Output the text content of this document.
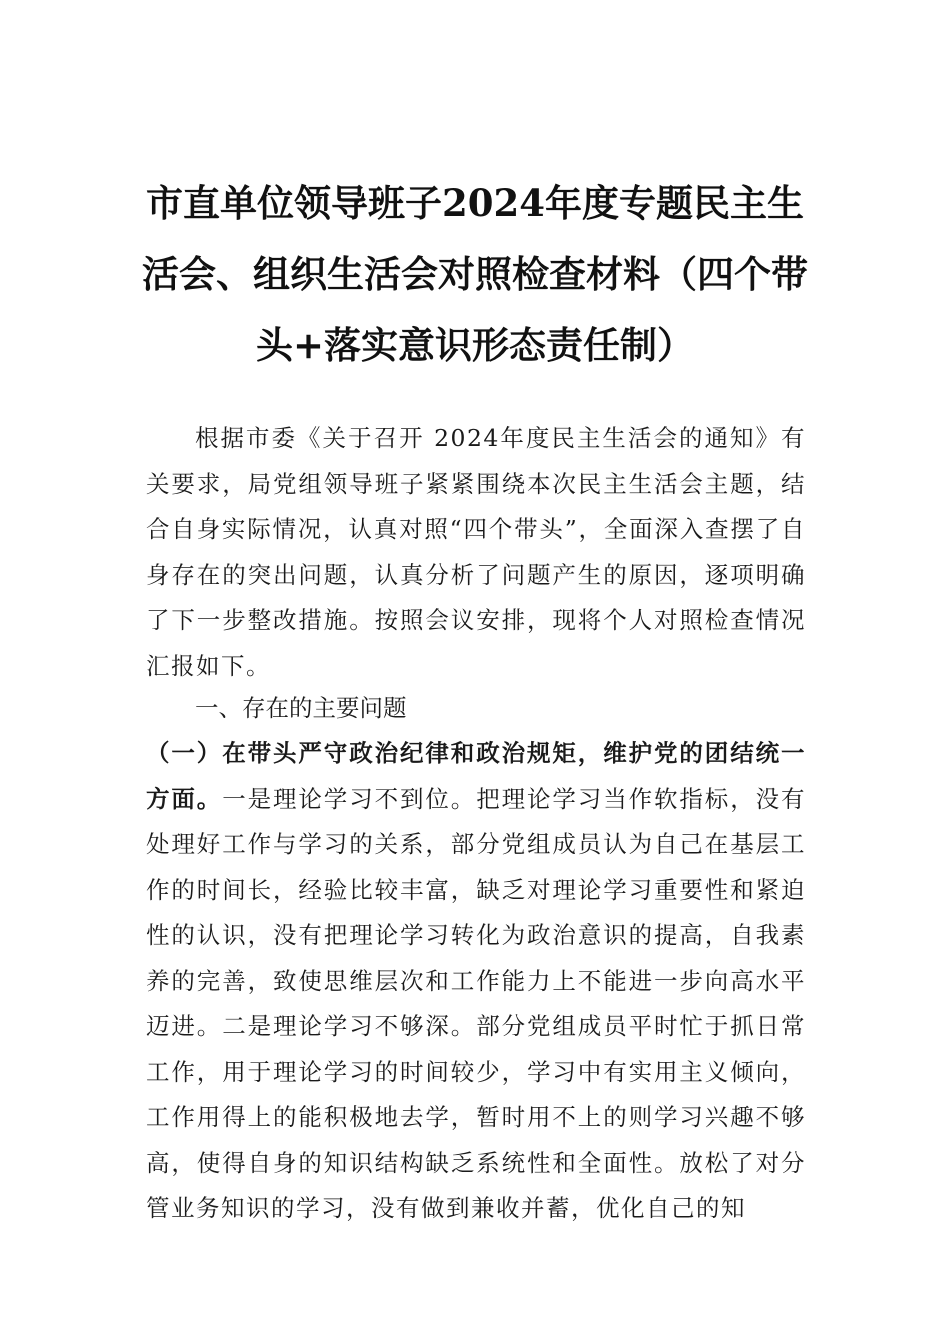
市直单位领导班子2024年度专题民主生活会、组织生活会对照检查材料（四个带头+落实意识形态责任制）

根据市委《关于召开 2024年度民主生活会的通知》有关要求，局党组领导班子紧紧围绕本次民主生活会主题，结合自身实际情况，认真对照“四个带头”，全面深入查摆了自身存在的突出问题，认真分析了问题产生的原因，逐项明确了下一步整改措施。按照会议安排，现将个人对照检查情况汇报如下。

一、存在的主要问题

（一）在带头严守政治纪律和政治规矩，维护党的团结统一方面。一是理论学习不到位。把理论学习当作软指标，没有处理好工作与学习的关系，部分党组成员认为自己在基层工作的时间长，经验比较丰富，缺乏对理论学习重要性和紧迫性的认识，没有把理论学习转化为政治意识的提高，自我素养的完善，致使思维层次和工作能力上不能进一步向高水平迈进。二是理论学习不够深。部分党组成员平时忙于抓日常工作，用于理论学习的时间较少，学习中有实用主义倾向，工作用得上的能积极地去学，暂时用不上的则学习兴趣不够高，使得自身的知识结构缺乏系统性和全面性。放松了对分管业务知识的学习，没有做到兼收并蓄，优化自己的知
